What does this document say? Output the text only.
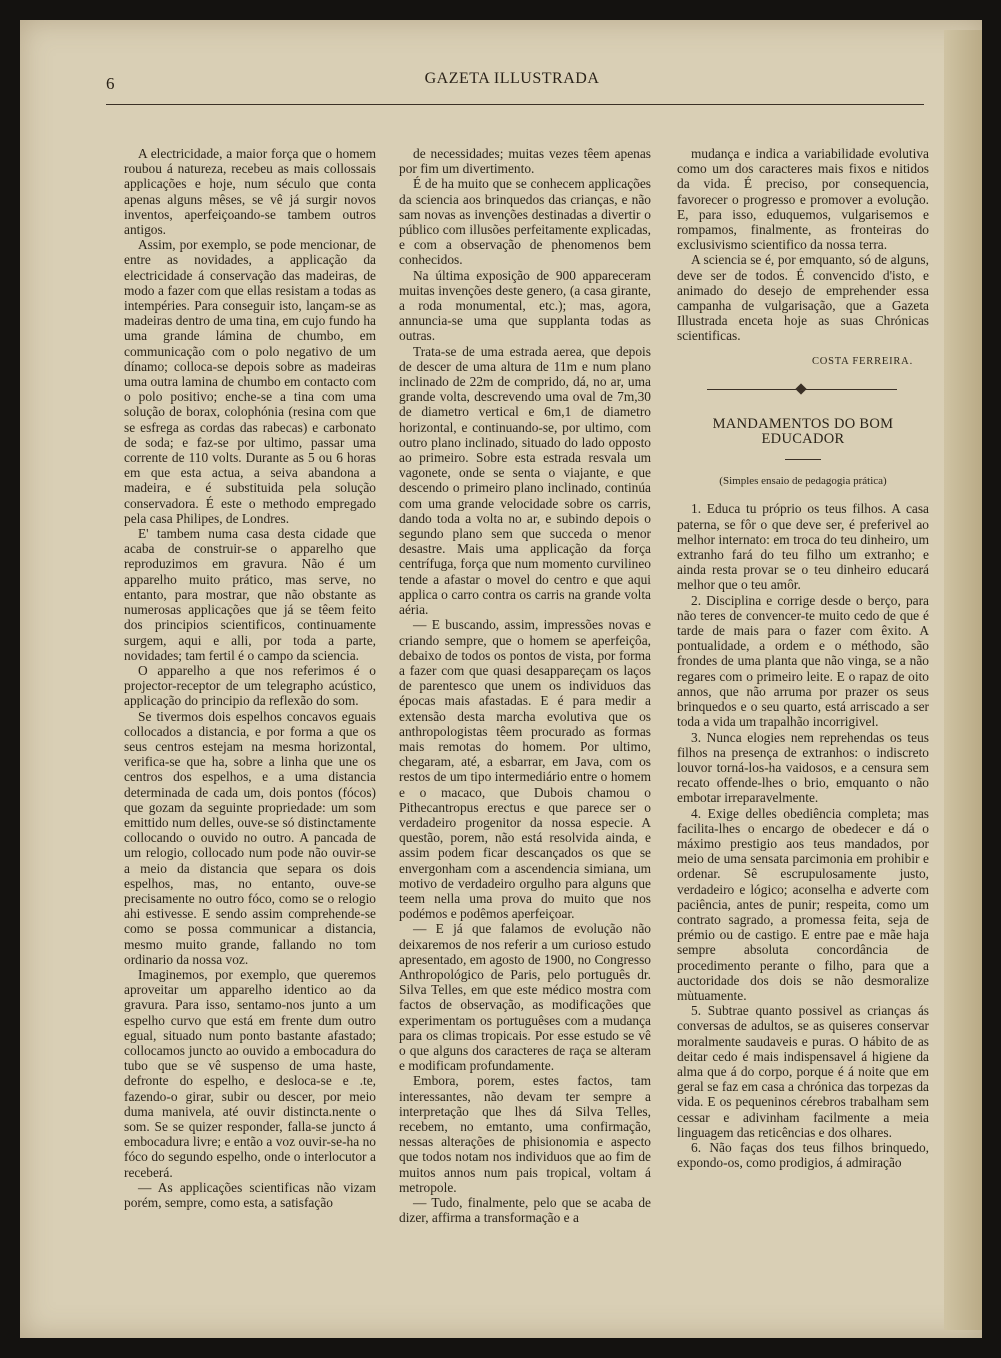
6	GAZETA ILLUSTRADA

A electricidade, a maior força que o homem roubou á natureza, recebeu as mais collossais applicações e hoje, num século que conta apenas alguns mêses, se vê já surgir novos inventos, aperfeiçoando-se tambem outros antigos.

Assim, por exemplo, se pode mencionar, de entre as novidades, a applicação da electricidade á conservação das madeiras, de modo a fazer com que ellas resistam a todas as intempéries. Para conseguir isto, lançam-se as madeiras dentro de uma tina, em cujo fundo ha uma grande lámina de chumbo, em communicação com o polo negativo de um dínamo; colloca-se depois sobre as madeiras uma outra lamina de chumbo em contacto com o polo positivo; enche-se a tina com uma solução de borax, colophónia (resina com que se esfrega as cordas das rabecas) e carbonato de soda; e faz-se por ultimo, passar uma corrente de 110 volts. Durante as 5 ou 6 horas em que esta actua, a seiva abandona a madeira, e é substituida pela solução conservadora. É este o methodo empregado pela casa Philipes, de Londres.

E' tambem numa casa desta cidade que acaba de construir-se o apparelho que reproduzimos em gravura. Não é um apparelho muito prático, mas serve, no entanto, para mostrar, que não obstante as numerosas applicações que já se têem feito dos principios scientificos, continuamente surgem, aqui e alli, por toda a parte, novidades; tam fertil é o campo da sciencia.

O apparelho a que nos referimos é o projector-receptor de um telegrapho acústico, applicação do principio da reflexão do som.

Se tivermos dois espelhos concavos eguais collocados a distancia, e por forma a que os seus centros estejam na mesma horizontal, verifica-se que ha, sobre a linha que une os centros dos espelhos, e a uma distancia determinada de cada um, dois pontos (fócos) que gozam da seguinte propriedade: um som emittido num delles, ouve-se só distinctamente collocando o ouvido no outro. A pancada de um relogio, collocado num pode não ouvir-se a meio da distancia que separa os dois espelhos, mas, no entanto, ouve-se precisamente no outro fóco, como se o relogio ahi estivesse. E sendo assim comprehende-se como se possa communicar a distancia, mesmo muito grande, fallando no tom ordinario da nossa voz.

Imaginemos, por exemplo, que queremos aproveitar um apparelho identico ao da gravura. Para isso, sentamo-nos junto a um espelho curvo que está em frente dum outro egual, situado num ponto bastante afastado; collocamos juncto ao ouvido a embocadura do tubo que se vê suspenso de uma haste, defronte do espelho, e desloca-se e .te, fazendo-o girar, subir ou descer, por meio duma manivela, até ouvir distincta.nente o som. Se se quizer responder, falla-se juncto á embocadura livre; e então a voz ouvir-se-ha no fóco do segundo espelho, onde o interlocutor a receberá.

— As applicações scientificas não vizam porém, sempre, como esta, a satisfação

de necessidades; muitas vezes têem apenas por fim um divertimento.

É de ha muito que se conhecem applicações da sciencia aos brinquedos das crianças, e não sam novas as invenções destinadas a divertir o público com illusões perfeitamente explicadas, e com a observação de phenomenos bem conhecidos.

Na última exposição de 900 appareceram muitas invenções deste genero, (a casa girante, a roda monumental, etc.); mas, agora, annuncia-se uma que supplanta todas as outras.

Trata-se de uma estrada aerea, que depois de descer de uma altura de 11m e num plano inclinado de 22m de comprido, dá, no ar, uma grande volta, descrevendo uma oval de 7m,30 de diametro vertical e 6m,1 de diametro horizontal, e continuando-se, por ultimo, com outro plano inclinado, situado do lado opposto ao primeiro. Sobre esta estrada resvala um vagonete, onde se senta o viajante, e que descendo o primeiro plano inclinado, continúa com uma grande velocidade sobre os carris, dando toda a volta no ar, e subindo depois o segundo plano sem que succeda o menor desastre. Mais uma applicação da força centrífuga, força que num momento curvilineo tende a afastar o movel do centro e que aqui applica o carro contra os carris na grande volta aéria.

— E buscando, assim, impressões novas e criando sempre, que o homem se aperfeiçôa, debaixo de todos os pontos de vista, por forma a fazer com que quasi desappareçam os laços de parentesco que unem os individuos das épocas mais afastadas. E é para medir a extensão desta marcha evolutiva que os anthropologistas têem procurado as formas mais remotas do homem. Por ultimo, chegaram, até, a esbarrar, em Java, com os restos de um tipo intermediário entre o homem e o macaco, que Dubois chamou o Pithecantropus erectus e que parece ser o verdadeiro progenitor da nossa especie. A questão, porem, não está resolvida ainda, e assim podem ficar descançados os que se envergonham com a ascendencia simiana, um motivo de verdadeiro orgulho para alguns que teem nella uma prova do muito que nos podémos e podêmos aperfeiçoar.

— E já que falamos de evolução não deixaremos de nos referir a um curioso estudo apresentado, em agosto de 1900, no Congresso Anthropológico de Paris, pelo português dr. Silva Telles, em que este médico mostra com factos de observação, as modificações que experimentam os portuguêses com a mudança para os climas tropicais. Por esse estudo se vê o que alguns dos caracteres de raça se alteram e modificam profundamente.

Embora, porem, estes factos, tam interessantes, não devam ter sempre a interpretação que lhes dá Silva Telles, recebem, no emtanto, uma confirmação, nessas alterações de phisionomia e aspecto que todos notam nos individuos que ao fim de muitos annos num pais tropical, voltam á metropole.

— Tudo, finalmente, pelo que se acaba de dizer, affirma a transformação e a

mudança e indica a variabilidade evolutiva como um dos caracteres mais fixos e nitidos da vida. É preciso, por consequencia, favorecer o progresso e promover a evolução. E, para isso, eduquemos, vulgarisemos e rompamos, finalmente, as fronteiras do exclusivismo scientifico da nossa terra.

A sciencia se é, por emquanto, só de alguns, deve ser de todos. É convencido d'isto, e animado do desejo de emprehender essa campanha de vulgarisação, que a Gazeta Illustrada enceta hoje as suas Chrónicas scientificas.

COSTA FERREIRA.
MANDAMENTOS DO BOM EDUCADOR
(Simples ensaio de pedagogia prática)

1. Educa tu próprio os teus filhos. A casa paterna, se fôr o que deve ser, é preferivel ao melhor internato: em troca do teu dinheiro, um extranho fará do teu filho um extranho; e ainda resta provar se o teu dinheiro educará melhor que o teu amôr.

2. Disciplina e corrige desde o berço, para não teres de convencer-te muito cedo de que é tarde de mais para o fazer com êxito. A pontualidade, a ordem e o méthodo, são frondes de uma planta que não vinga, se a não regares com o primeiro leite. E o rapaz de oito annos, que não arruma por prazer os seus brinquedos e o seu quarto, está arriscado a ser toda a vida um trapalhão incorrigivel.

3. Nunca elogies nem reprehendas os teus filhos na presença de extranhos: o indiscreto louvor torná-los-ha vaidosos, e a censura sem recato offende-lhes o brio, emquanto o não embotar irreparavelmente.

4. Exige delles obediência completa; mas facilita-lhes o encargo de obedecer e dá o máximo prestigio aos teus mandados, por meio de uma sensata parcimonia em prohibir e ordenar. Sê escrupulosamente justo, verdadeiro e lógico; aconselha e adverte com paciência, antes de punir; respeita, como um contrato sagrado, a promessa feita, seja de prémio ou de castigo. E entre pae e mãe haja sempre absoluta concordância de procedimento perante o filho, para que a auctoridade dos dois se não desmoralize mùtuamente.

5. Subtrae quanto possivel as crianças ás conversas de adultos, se as quiseres conservar moralmente saudaveis e puras. O hábito de as deitar cedo é mais indispensavel á higiene da alma que á do corpo, porque é á noite que em geral se faz em casa a chrónica das torpezas da vida. E os pequeninos cérebros trabalham sem cessar e adivinham facilmente a meia linguagem das reticências e dos olhares.

6. Não faças dos teus filhos brinquedo, expondo-os, como prodigios, á admiração
